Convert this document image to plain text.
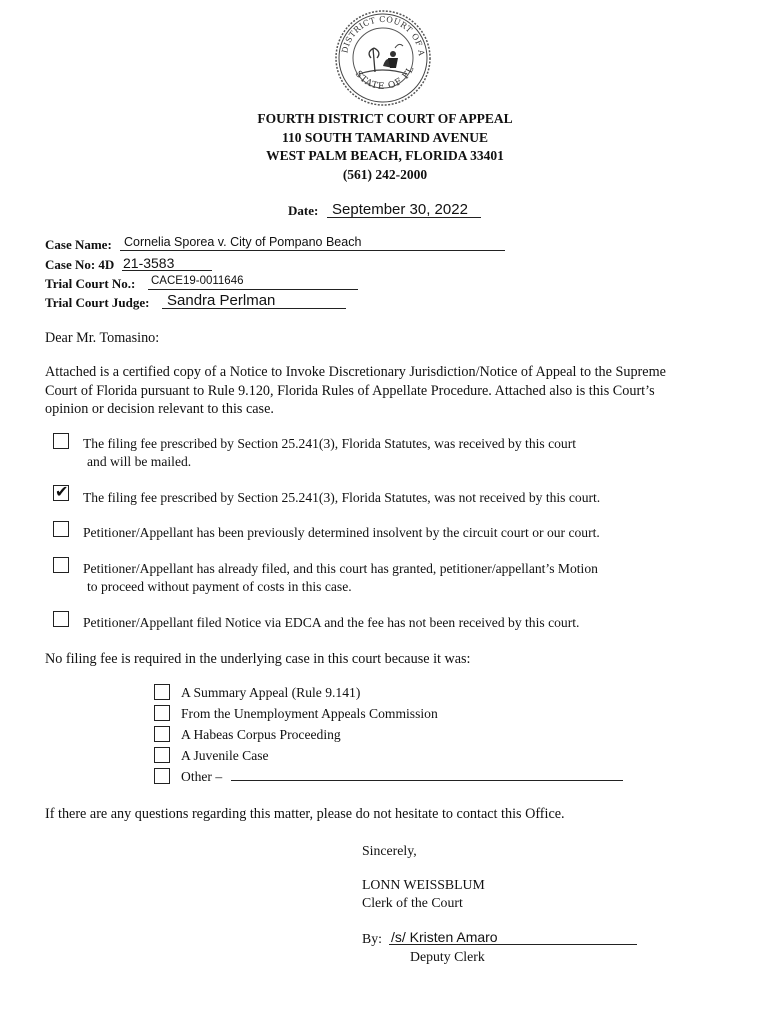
DISTRICT COURT OF A
STATE OF FL
FOURTH DISTRICT COURT OF APPEAL
110 SOUTH TAMARIND AVENUE
WEST PALM BEACH, FLORIDA 33401
(561) 242-2000
Date: September 30, 2022
Case Name: Cornelia Sporea v. City of Pompano Beach
Case No: 4D 21-3583
Trial Court No.: CACE19-0011646
Trial Court Judge: Sandra Perlman
Dear Mr. Tomasino:
Attached is a certified copy of a Notice to Invoke Discretionary Jurisdiction/Notice of Appeal to the Supreme
Court of Florida pursuant to Rule 9.120, Florida Rules of Appellate Procedure. Attached also is this Court’s
opinion or decision relevant to this case.
The filing fee prescribed by Section 25.241(3), Florida Statutes, was received by this court
and will be mailed.
✔ The filing fee prescribed by Section 25.241(3), Florida Statutes, was not received by this court.
Petitioner/Appellant has been previously determined insolvent by the circuit court or our court.
Petitioner/Appellant has already filed, and this court has granted, petitioner/appellant’s Motion
to proceed without payment of costs in this case.
Petitioner/Appellant filed Notice via EDCA and the fee has not been received by this court.
No filing fee is required in the underlying case in this court because it was:
A Summary Appeal (Rule 9.141)
From the Unemployment Appeals Commission
A Habeas Corpus Proceeding
A Juvenile Case
Other –
If there are any questions regarding this matter, please do not hesitate to contact this Office.
Sincerely,
LONN WEISSBLUM
Clerk of the Court
By: /s/ Kristen Amaro
Deputy Clerk
